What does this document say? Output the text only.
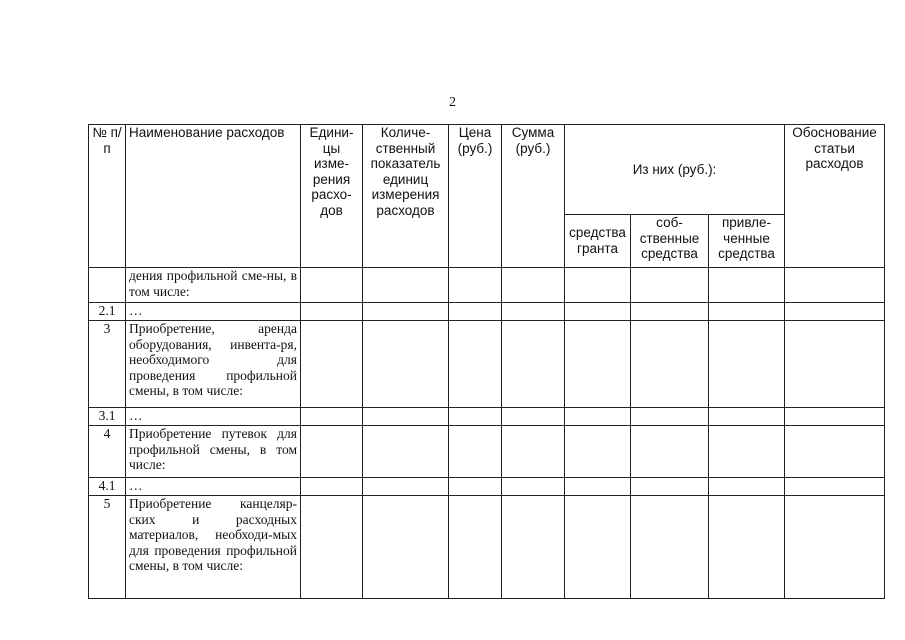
2
№ п/п	Наименование расходов	Едини-цы изме-рения расхо-дов	Количе-ственный показатель единиц измерения расходов	Цена (руб.)	Сумма (руб.)	Из них (руб.):			Обоснование статьи расходов
						средства гранта	соб-ственные средства	привле-ченные средства	
	дения профильной сме-ны, в том числе:								
2.1	…								
3	Приобретение, аренда оборудования, инвента-ря, необходимого для проведения профильной смены, в том числе:								
3.1	…								
4	Приобретение путевок для профильной смены, в том числе:								
4.1	…								
5	Приобретение канцеляр-ских и расходных материалов, необходи-мых для проведения профильной смены, в том числе:								
